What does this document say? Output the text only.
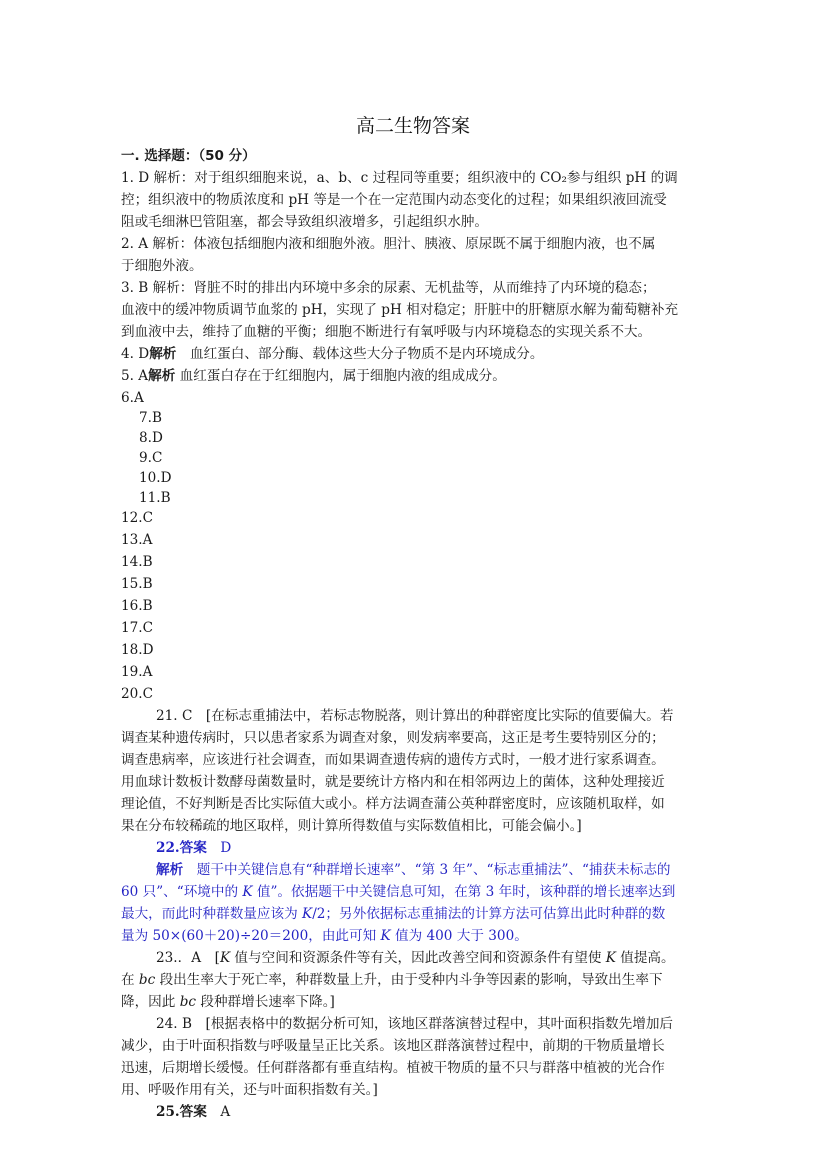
高二生物答案
一. 选择题：（50 分）
1. D 解析：对于组织细胞来说，a、b、c 过程同等重要；组织液中的 CO₂参与组织 pH 的调
控；组织液中的物质浓度和 pH 等是一个在一定范围内动态变化的过程；如果组织液回流受
阻或毛细淋巴管阻塞，都会导致组织液增多，引起组织水肿。
2. A 解析：体液包括细胞内液和细胞外液。胆汁、胰液、原尿既不属于细胞内液，也不属
于细胞外液。
3. B 解析：肾脏不时的排出内环境中多余的尿素、无机盐等，从而维持了内环境的稳态；
血液中的缓冲物质调节血浆的 pH，实现了 pH 相对稳定；肝脏中的肝糖原水解为葡萄糖补充
到血液中去，维持了血糖的平衡；细胞不断进行有氧呼吸与内环境稳态的实现关系不大。
4. D解析　血红蛋白、部分酶、载体这些大分子物质不是内环境成分。
5. A解析 血红蛋白存在于红细胞内，属于细胞内液的组成成分。
6.A
7.B
8.D
9.C
10.D
11.B
12.C
13.A
14.B
15.B
16.B
17.C
18.D
19.A
20.C
21. C　[在标志重捕法中，若标志物脱落，则计算出的种群密度比实际的值要偏大。若
调查某种遗传病时，只以患者家系为调查对象，则发病率要高，这正是考生要特别区分的；
调查患病率，应该进行社会调查，而如果调查遗传病的遗传方式时，一般才进行家系调查。
用血球计数板计数酵母菌数量时，就是要统计方格内和在相邻两边上的菌体，这种处理接近
理论值，不好判断是否比实际值大或小。样方法调查蒲公英种群密度时，应该随机取样，如
果在分布较稀疏的地区取样，则计算所得数值与实际数值相比，可能会偏小。]
22.答案　D
解析　题干中关键信息有“种群增长速率”、“第 3 年”、“标志重捕法”、“捕获未标志的
60 只”、“环境中的 K 值”。依据题干中关键信息可知，在第 3 年时，该种群的增长速率达到
最大，而此时种群数量应该为 K/2；另外依据标志重捕法的计算方法可估算出此时种群的数
量为 50×(60＋20)÷20＝200，由此可知 K 值为 400 大于 300。
23.．A　[K 值与空间和资源条件等有关，因此改善空间和资源条件有望使 K 值提高。
在 bc 段出生率大于死亡率，种群数量上升，由于受种内斗争等因素的影响，导致出生率下
降，因此 bc 段种群增长速率下降。]
24. B　[根据表格中的数据分析可知，该地区群落演替过程中，其叶面积指数先增加后
减少，由于叶面积指数与呼吸量呈正比关系。该地区群落演替过程中，前期的干物质量增长
迅速，后期增长缓慢。任何群落都有垂直结构。植被干物质的量不只与群落中植被的光合作
用、呼吸作用有关，还与叶面积指数有关。]
25.答案　A
